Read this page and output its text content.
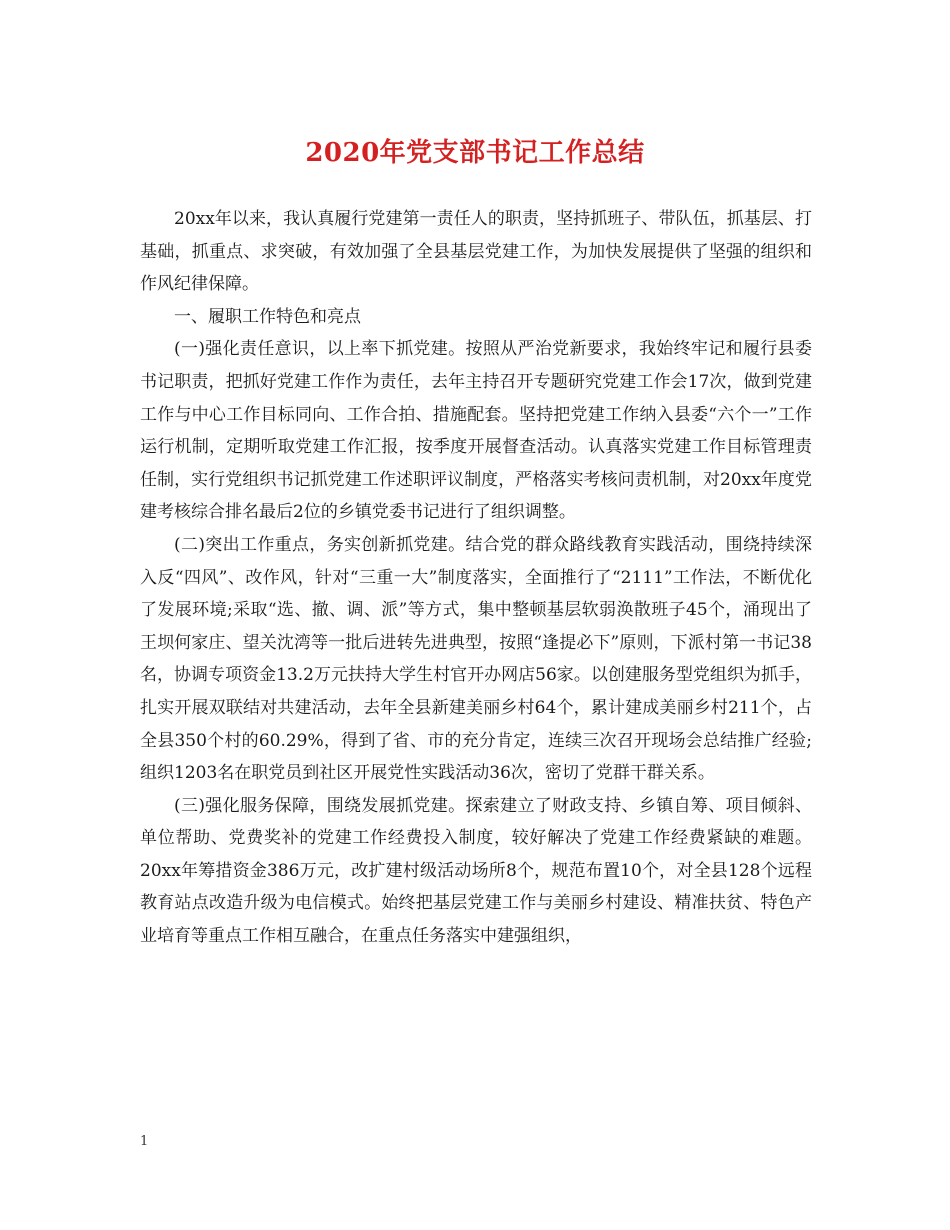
2020年党支部书记工作总结

20xx年以来，我认真履行党建第一责任人的职责，坚持抓班子、带队伍，抓基层、打基础，抓重点、求突破，有效加强了全县基层党建工作，为加快发展提供了坚强的组织和作风纪律保障。

一、履职工作特色和亮点

(一)强化责任意识，以上率下抓党建。按照从严治党新要求，我始终牢记和履行县委书记职责，把抓好党建工作作为责任，去年主持召开专题研究党建工作会17次，做到党建工作与中心工作目标同向、工作合拍、措施配套。坚持把党建工作纳入县委“六个一”工作运行机制，定期听取党建工作汇报，按季度开展督查活动。认真落实党建工作目标管理责任制，实行党组织书记抓党建工作述职评议制度，严格落实考核问责机制，对20xx年度党建考核综合排名最后2位的乡镇党委书记进行了组织调整。

(二)突出工作重点，务实创新抓党建。结合党的群众路线教育实践活动，围绕持续深入反“四风”、改作风，针对“三重一大”制度落实，全面推行了“2111”工作法，不断优化了发展环境;采取“选、撤、调、派”等方式，集中整顿基层软弱涣散班子45个，涌现出了王坝何家庄、望关沈湾等一批后进转先进典型，按照“逢提必下”原则，下派村第一书记38名，协调专项资金13.2万元扶持大学生村官开办网店56家。以创建服务型党组织为抓手，扎实开展双联结对共建活动，去年全县新建美丽乡村64个，累计建成美丽乡村211个，占全县350个村的60.29%，得到了省、市的充分肯定，连续三次召开现场会总结推广经验;组织1203名在职党员到社区开展党性实践活动36次，密切了党群干群关系。

(三)强化服务保障，围绕发展抓党建。探索建立了财政支持、乡镇自筹、项目倾斜、单位帮助、党费奖补的党建工作经费投入制度，较好解决了党建工作经费紧缺的难题。20xx年筹措资金386万元，改扩建村级活动场所8个，规范布置10个，对全县128个远程教育站点改造升级为电信模式。始终把基层党建工作与美丽乡村建设、精准扶贫、特色产业培育等重点工作相互融合，在重点任务落实中建强组织，

1
